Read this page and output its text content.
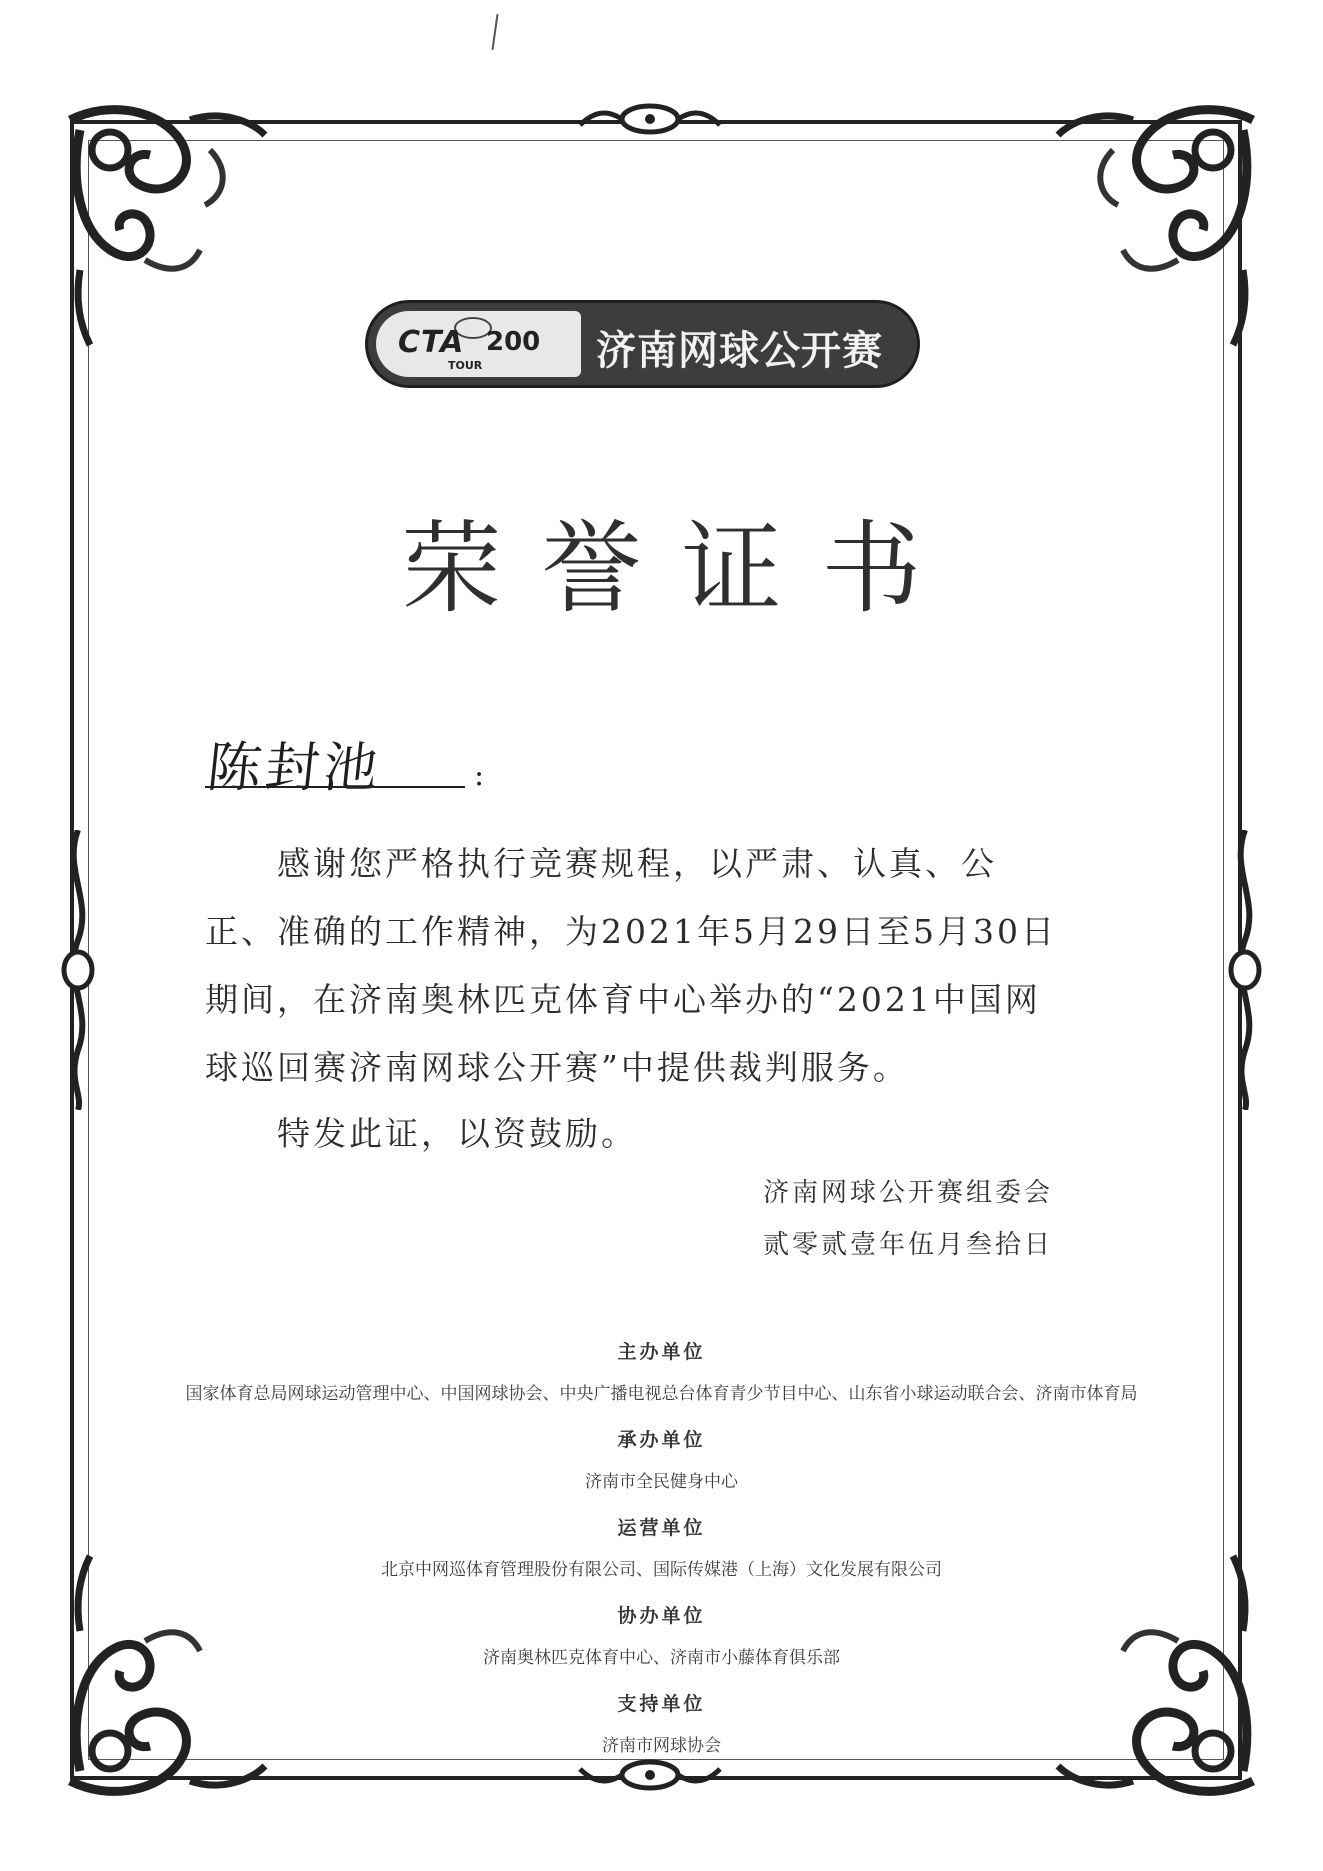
CTA 200
TOUR	济南网球公开赛
荣誉证书
陈封池	:
感谢您严格执行竞赛规程，以严肃、认真、公正、准确的工作精神，为2021年5月29日至5月30日期间，在济南奥林匹克体育中心举办的“2021中国网球巡回赛济南网球公开赛”中提供裁判服务。
特发此证，以资鼓励。
济南网球公开赛组委会
贰零贰壹年伍月叁拾日
主办单位
国家体育总局网球运动管理中心、中国网球协会、中央广播电视总台体育青少节目中心、山东省小球运动联合会、济南市体育局
承办单位
济南市全民健身中心
运营单位
北京中网巡体育管理股份有限公司、国际传媒港（上海）文化发展有限公司
协办单位
济南奥林匹克体育中心、济南市小藤体育俱乐部
支持单位
济南市网球协会
